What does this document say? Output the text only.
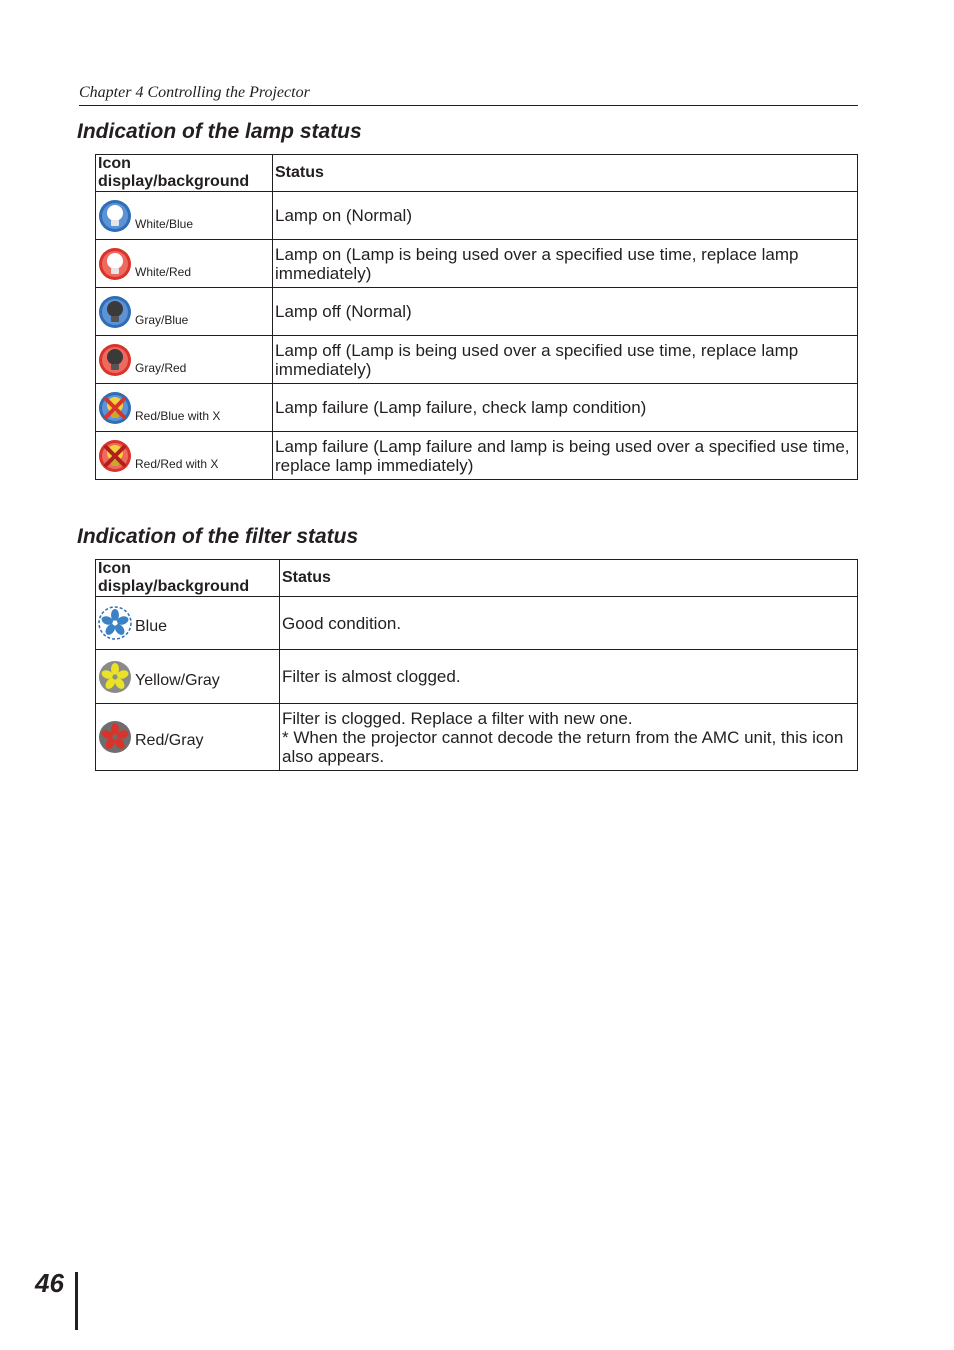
Chapter 4 Controlling the Projector
Indication of the lamp status
Icon display/background	Status

White/Blue	Lamp on (Normal)

White/Red	Lamp on (Lamp is being used over a specified use time, replace lamp immediately)

Gray/Blue	Lamp off (Normal)

Gray/Red	Lamp off (Lamp is being used over a specified use time, replace lamp immediately)

Red/Blue with X	Lamp failure (Lamp failure, check lamp condition)

Red/Red with X	Lamp failure (Lamp failure and lamp is being used over a specified use time, replace lamp immediately)
Indication of the filter status
Icon display/background	Status

Blue	Good condition.

Yellow/Gray	Filter is almost clogged.

Red/Gray	Filter is clogged. Replace a filter with new one.

* When the projector cannot decode the return from the AMC unit, this icon also appears.
46
